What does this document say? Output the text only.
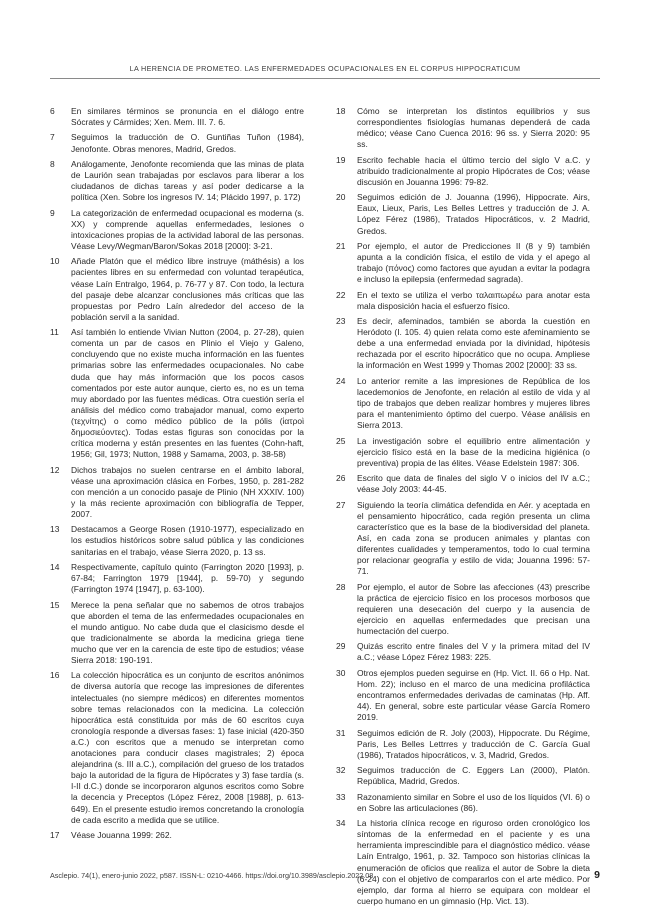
LA HERENCIA DE PROMETEO. LAS ENFERMEDADES OCUPACIONALES EN EL CORPUS HIPPOCRATICUM
6	En similares términos se pronuncia en el diálogo entre Sócrates y Cármides; Xen. Mem. III. 7. 6.
7	Seguimos la traducción de O. Guntiñas Tuñon (1984), Jenofonte. Obras menores, Madrid, Gredos.
8	Análogamente, Jenofonte recomienda que las minas de plata de Laurión sean trabajadas por esclavos para liberar a los ciudadanos de dichas tareas y así poder dedicarse a la política (Xen. Sobre los ingresos IV. 14; Plácido 1997, p. 172)
9	La categorización de enfermedad ocupacional es moderna (s. XX) y comprende aquellas enfermedades, lesiones o intoxicaciones propias de la actividad laboral de las personas. Véase Levy/Wegman/Baron/Sokas 2018 [2000]: 3-21.
10	Añade Platón que el médico libre instruye (máthésis) a los pacientes libres en su enfermedad con voluntad terapéutica, véase Laín Entralgo, 1964, p. 76-77 y 87. Con todo, la lectura del pasaje debe alcanzar conclusiones más críticas que las propuestas por Pedro Laín alrededor del acceso de la población servil a la sanidad.
11	Así también lo entiende Vivian Nutton (2004, p. 27-28), quien comenta un par de casos en Plinio el Viejo y Galeno, concluyendo que no existe mucha información en las fuentes primarias sobre las enfermedades ocupacionales. No cabe duda que hay más información que los pocos casos comentados por este autor aunque, cierto es, no es un tema muy abordado por las fuentes médicas. Otra cuestión sería el análisis del médico como trabajador manual, como experto (τεχνίτης) o como médico público de la pólis (ἰατροὶ δημοσιεύοντες). Todas estas figuras son conocidas por la crítica moderna y están presentes en las fuentes (Cohn-haft, 1956; Gil, 1973; Nutton, 1988 y Samama, 2003, p. 38-58)
12	Dichos trabajos no suelen centrarse en el ámbito laboral, véase una aproximación clásica en Forbes, 1950, p. 281-282 con mención a un conocido pasaje de Plinio (NH XXXIV. 100) y la más reciente aproximación con bibliografía de Tepper, 2007.
13	Destacamos a George Rosen (1910-1977), especializado en los estudios históricos sobre salud pública y las condiciones sanitarias en el trabajo, véase Sierra 2020, p. 13 ss.
14	Respectivamente, capítulo quinto (Farrington 2020 [1993], p. 67-84; Farrington 1979 [1944], p. 59-70) y segundo (Farrington 1974 [1947], p. 63-100).
15	Merece la pena señalar que no sabemos de otros trabajos que aborden el tema de las enfermedades ocupacionales en el mundo antiguo. No cabe duda que el clasicismo desde el que tradicionalmente se aborda la medicina griega tiene mucho que ver en la carencia de este tipo de estudios; véase Sierra 2018: 190-191.
16	La colección hipocrática es un conjunto de escritos anónimos de diversa autoría que recoge las impresiones de diferentes intelectuales (no siempre médicos) en diferentes momentos sobre temas relacionados con la medicina. La colección hipocrática está constituida por más de 60 escritos cuya cronología responde a diversas fases: 1) fase inicial (420-350 a.C.) con escritos que a menudo se interpretan como anotaciones para conducir clases magistrales; 2) época alejandrina (s. III a.C.), compilación del grueso de los tratados bajo la autoridad de la figura de Hipócrates y 3) fase tardía (s. I-II d.C.) donde se incorporaron algunos escritos como Sobre la decencia y Preceptos (López Férez, 2008 [1988], p. 613-649). En el presente estudio iremos concretando la cronología de cada escrito a medida que se utilice.
17	Véase Jouanna 1999: 262.
18	Cómo se interpretan los distintos equilibrios y sus correspondientes fisiologías humanas dependerá de cada médico; véase Cano Cuenca 2016: 96 ss. y Sierra 2020: 95 ss.
19	Escrito fechable hacia el último tercio del siglo V a.C. y atribuido tradicionalmente al propio Hipócrates de Cos; véase discusión en Jouanna 1996: 79-82.
20	Seguimos edición de J. Jouanna (1996), Hippocrate. Airs, Eaux, Lieux, Paris, Les Belles Lettres y traducción de J. A. López Férez (1986), Tratados Hipocráticos, v. 2 Madrid, Gredos.
21	Por ejemplo, el autor de Predicciones II (8 y 9) también apunta a la condición física, el estilo de vida y el apego al trabajo (πόνος) como factores que ayudan a evitar la podagra e incluso la epilepsia (enfermedad sagrada).
22	En el texto se utiliza el verbo ταλαιπωρέω para anotar esta mala disposición hacia el esfuerzo físico.
23	Es decir, afeminados, también se aborda la cuestión en Heródoto (I. 105. 4) quien relata como este afeminamiento se debe a una enfermedad enviada por la divinidad, hipótesis rechazada por el escrito hipocrático que no ocupa. Ampliese la información en West 1999 y Thomas 2002 [2000]: 33 ss.
24	Lo anterior remite a las impresiones de República de los lacedemonios de Jenofonte, en relación al estilo de vida y al tipo de trabajos que deben realizar hombres y mujeres libres para el mantenimiento óptimo del cuerpo. Véase análisis en Sierra 2013.
25	La investigación sobre el equilibrio entre alimentación y ejercicio físico está en la base de la medicina higiénica (o preventiva) propia de las élites. Véase Edelstein 1987: 306.
26	Escrito que data de finales del siglo V o inicios del IV a.C.; véase Joly 2003: 44-45.
27	Siguiendo la teoría climática defendida en Aér. y aceptada en el pensamiento hipocrático, cada región presenta un clima característico que es la base de la biodiversidad del planeta. Así, en cada zona se producen animales y plantas con diferentes cualidades y temperamentos, todo lo cual termina por relacionar geografía y estilo de vida; Jouanna 1996: 57-71.
28	Por ejemplo, el autor de Sobre las afecciones (43) prescribe la práctica de ejercicio físico en los procesos morbosos que requieren una desecación del cuerpo y la ausencia de ejercicio en aquellas enfermedades que precisan una humectación del cuerpo.
29	Quizás escrito entre finales del V y la primera mitad del IV a.C.; véase López Férez 1983: 225.
30	Otros ejemplos pueden seguirse en (Hp. Vict. II. 66 o Hp. Nat. Hom. 22); incluso en el marco de una medicina profiláctica encontramos enfermedades derivadas de caminatas (Hp. Aff. 44). En general, sobre este particular véase García Romero 2019.
31	Seguimos edición de R. Joly (2003), Hippocrate. Du Régime, Paris, Les Belles Lettrres y traducción de C. García Gual (1986), Tratados hipocráticos, v. 3, Madrid, Gredos.
32	Seguimos traducción de C. Eggers Lan (2000), Platón. República, Madrid, Gredos.
33	Razonamiento similar en Sobre el uso de los líquidos (VI. 6) o en Sobre las articulaciones (86).
34	La historia clínica recoge en riguroso orden cronológico los síntomas de la enfermedad en el paciente y es una herramienta imprescindible para el diagnóstico médico. véase Laín Entralgo, 1961, p. 32. Tampoco son historias clínicas la enumeración de oficios que realiza el autor de Sobre la dieta (6-24) con el objetivo de compararlos con el arte médico. Por ejemplo, dar forma al hierro se equipara con moldear el cuerpo humano en un gimnasio (Hp. Vict. 13).
Asclepio. 74(1), enero-junio 2022, p587. ISSN-L: 0210-4466. https://doi.org/10.3989/asclepio.2022.08	9
